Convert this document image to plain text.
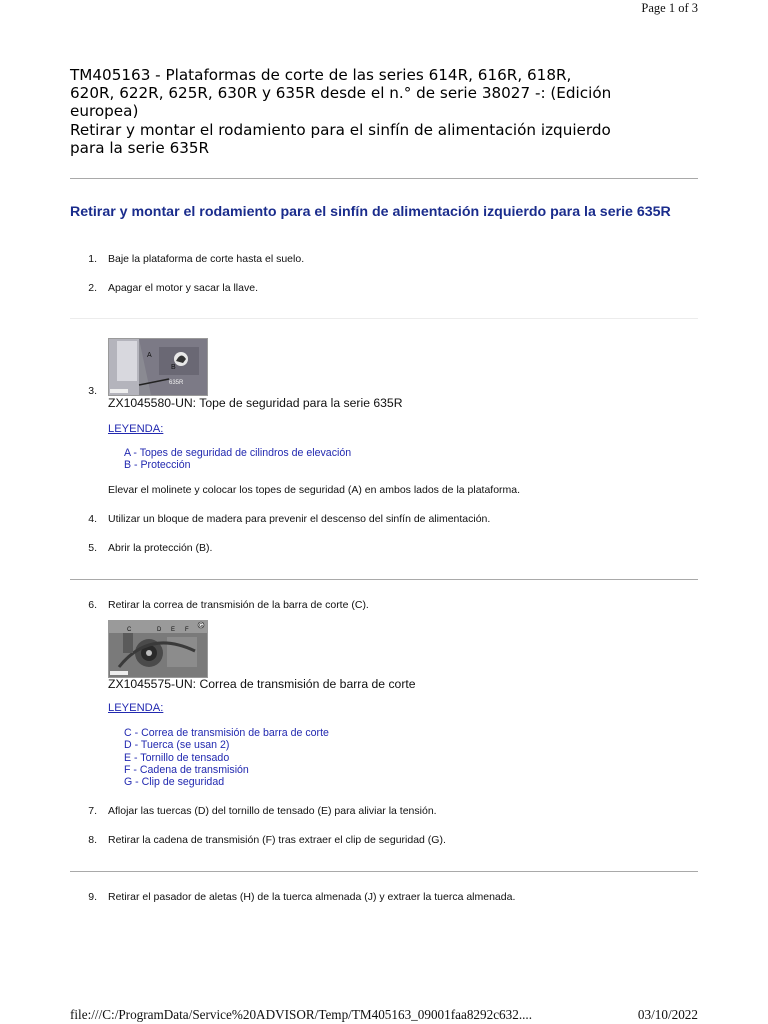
Page 1 of 3
TM405163 - Plataformas de corte de las series 614R, 616R, 618R,
620R, 622R, 625R, 630R y 635R desde el n.° de serie 38027 -: (Edición
europea)
Retirar y montar el rodamiento para el sinfín de alimentación izquierdo
para la serie 635R
Retirar y montar el rodamiento para el sinfín de alimentación izquierdo para la serie 635R
1. Baje la plataforma de corte hasta el suelo.
2. Apagar el motor y sacar la llave.
635R
A
B
3.
ZX1045580-UN: Tope de seguridad para la serie 635R
LEYENDA:
A - Topes de seguridad de cilindros de elevación
B - Protección
Elevar el molinete y colocar los topes de seguridad (A) en ambos lados de la plataforma.
4. Utilizar un bloque de madera para prevenir el descenso del sinfín de alimentación.
5. Abrir la protección (B).
6. Retirar la correa de transmisión de la barra de corte (C).
C	D E F
G
ZX1045575-UN: Correa de transmisión de barra de corte
LEYENDA:
C - Correa de transmisión de barra de corte
D - Tuerca (se usan 2)
E - Tornillo de tensado
F - Cadena de transmisión
G - Clip de seguridad
7. Aflojar las tuercas (D) del tornillo de tensado (E) para aliviar la tensión.
8. Retirar la cadena de transmisión (F) tras extraer el clip de seguridad (G).
9. Retirar el pasador de aletas (H) de la tuerca almenada (J) y extraer la tuerca almenada.
file:///C:/ProgramData/Service%20ADVISOR/Temp/TM405163_09001faa8292c632....	03/10/2022
